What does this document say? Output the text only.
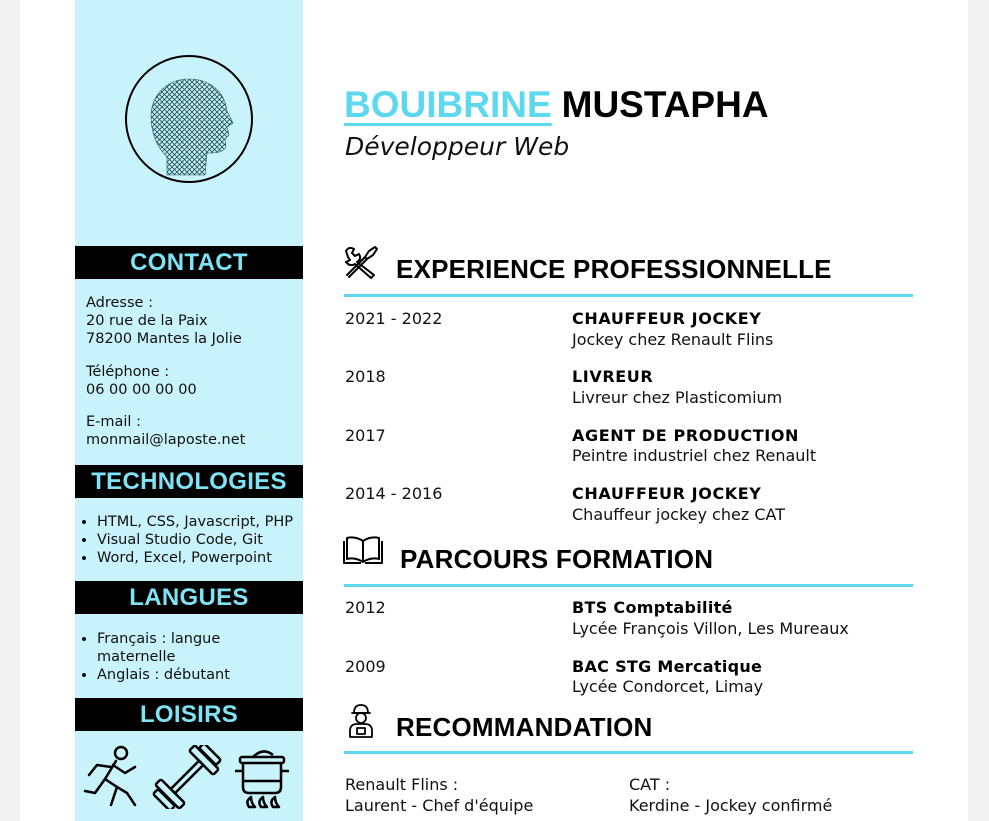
CONTACT
Adresse :
20 rue de la Paix
78200 Mantes la Jolie
Téléphone :
06 00 00 00 00
E-mail :
monmail@laposte.net
TECHNOLOGIES
• HTML, CSS, Javascript, PHP
• Visual Studio Code, Git
• Word, Excel, Powerpoint
LANGUES
• Français : langue maternelle
• Anglais : débutant
LOISIRS
BOUIBRINE MUSTAPHA
Développeur Web
EXPERIENCE PROFESSIONNELLE
2021 - 2022	CHAUFFEUR JOCKEY
Jockey chez Renault Flins
2018	LIVREUR
Livreur chez Plasticomium
2017	AGENT DE PRODUCTION
Peintre industriel chez Renault
2014 - 2016	CHAUFFEUR JOCKEY
Chauffeur jockey chez CAT
PARCOURS FORMATION
2012	BTS Comptabilité
Lycée François Villon, Les Mureaux
2009	BAC STG Mercatique
Lycée Condorcet, Limay
RECOMMANDATION
Renault Flins :
Laurent - Chef d'équipe
CAT :
Kerdine - Jockey confirmé
